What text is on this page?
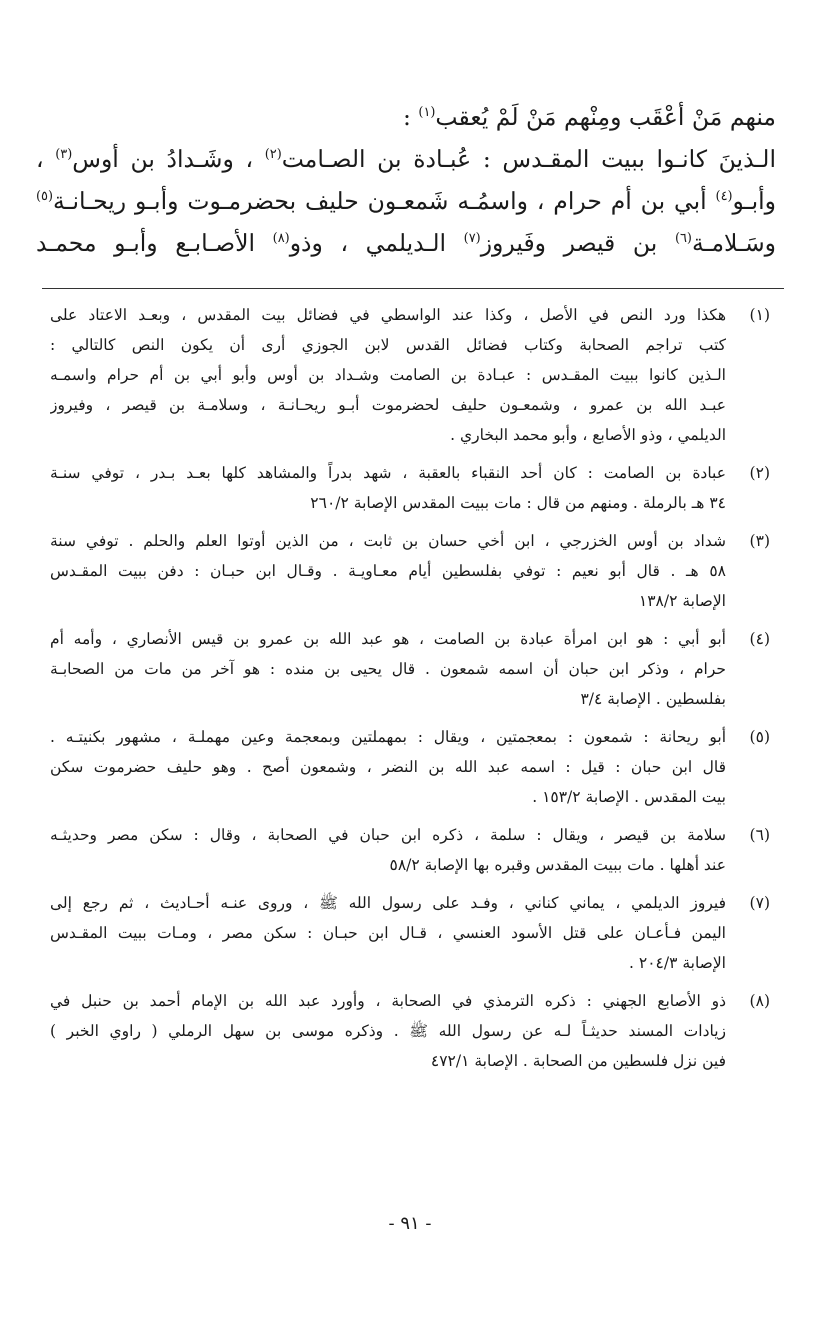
منهم مَنْ أعْقَب ومِنْهم مَنْ لَمْ يُعقب$^{(١)}$ :
الـذينَ كانـوا ببيت المقـدس : عُبـادة بن الصـامت$^{(٢)}$ ، وشَـدادُ بن أوس$^{(٣)}$ ،
وأبـو$^{(٤)}$ أبي بن أم حرام ، واسمُـه شَمعـون حليف بحضرمـوت وأبـو ريحـانـة$^{(٥)}$
وسَـلامـة$^{(٦)}$ بن قيصر وفَيروز$^{(٧)}$ الـديلمي ، وذو$^{(٨)}$ الأصـابـع وأبـو محمـد
(١)
هكذا ورد النص في الأصل ، وكذا عند الواسطي في فضائل بيت المقدس ، وبعـد الاعتاد على
كتب تراجم الصحابة وكتاب فضائل القدس لابن الجوزي أرى أن يكون النص كالتالي :
الـذين كانوا ببيت المقـدس : عبـادة بن الصامت وشـداد بن أوس وأبو أبي بن أم حرام واسمـه
عبـد الله بن عمرو ، وشمعـون حليف لحضرموت أبـو ريحـانـة ، وسلامـة بن قيصر ، وفيروز
الديلمي ، وذو الأصابع ، وأبو محمد البخاري .
(٢)
عبادة بن الصامت : كان أحد النقباء بالعقبة ، شهد بدراً والمشاهد كلها بعـد بـدر ، توفي سنـة
٣٤ هـ بالرملة . ومنهم من قال : مات ببيت المقدس الإصابة ٢٦٠/٢
(٣)
شداد بن أوس الخزرجي ، ابن أخي حسان بن ثابت ، من الذين أوتوا العلم والحلم . توفي سنة
٥٨ هـ . قال أبو نعيم : توفي بفلسطين أيام معـاويـة . وقـال ابن حبـان : دفن ببيت المقـدس
الإصابة ١٣٨/٢
(٤)
أبو أبي : هو ابن امرأة عبادة بن الصامت ، هو عبد الله بن عمرو بن قيس الأنصاري ، وأمه أم
حرام ، وذكر ابن حبان أن اسمه شمعون . قال يحيى بن منده : هو آخر من مات من الصحابـة
بفلسطين . الإصابة ٣/٤
(٥)
أبو ريحانة : شمعون : بمعجمتين ، ويقال : بمهملتين وبمعجمة وعين مهملـة ، مشهور بكنيتـه .
قال ابن حبان : قيل : اسمه عبد الله بن النضر ، وشمعون أصح . وهو حليف حضرموت سكن
بيت المقدس . الإصابة ١٥٣/٢ .
(٦)
سلامة بن قيصر ، ويقال : سلمة ، ذكره ابن حبان في الصحابة ، وقال : سكن مصر وحديثـه
عند أهلها . مات ببيت المقدس وقبره بها الإصابة ٥٨/٢
(٧)
فيروز الديلمي ، يماني كناني ، وفـد على رسول الله ﷺ ، وروى عنـه أحـاديث ، ثم رجع إلى
اليمن فـأعـان على قتل الأسود العنسي ، قـال ابن حبـان : سكن مصر ، ومـات ببيت المقـدس
الإصابة ٢٠٤/٣ .
(٨)
ذو الأصابع الجهني : ذكره الترمذي في الصحابة ، وأورد عبد الله بن الإمام أحمد بن حنبل في
زيادات المسند حديثـاً لـه عن رسول الله ﷺ . وذكره موسى بن سهل الرملي ( راوي الخبر )
فين نزل فلسطين من الصحابة . الإصابة ٤٧٢/١
- ٩١ -
